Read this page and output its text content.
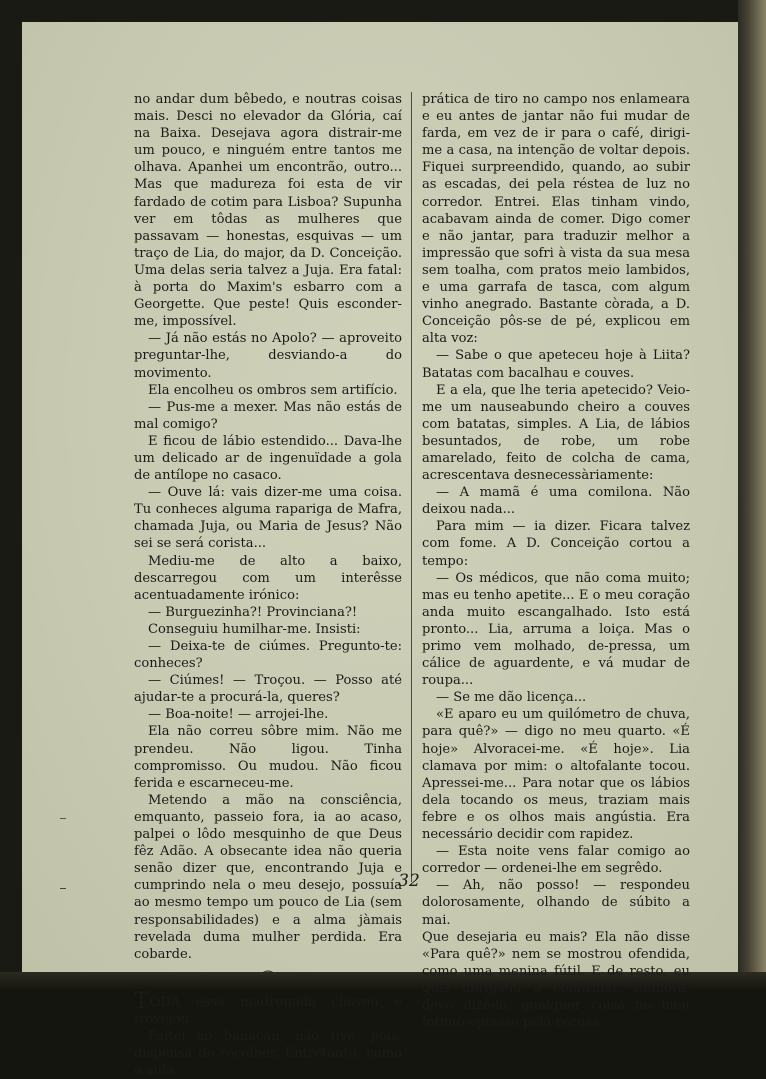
no andar dum bêbedo, e noutras coisas mais. Desci no elevador da Glória, caí na Baixa. Desejava agora distrair-me um pouco, e ninguém entre tantos me olhava. Apanhei um encontrão, outro... Mas que madureza foi esta de vir fardado de cotim para Lisboa? Supunha ver em tôdas as mulheres que passavam — honestas, esquivas — um traço de Lia, do major, da D. Conceição. Uma delas seria talvez a Juja. Era fatal: à porta do Maxim's esbarro com a Georgette. Que peste! Quis esconder-me, impossível.

— Já não estás no Apolo? — aproveito preguntar-lhe, desviando-a do movimento.

Ela encolheu os ombros sem artifício.

— Pus-me a mexer. Mas não estás de mal comigo?

E ficou de lábio estendido... Dava-lhe um delicado ar de ingenuïdade a gola de antílope no casaco.

— Ouve lá: vais dizer-me uma coisa. Tu conheces alguma rapariga de Mafra, chamada Juja, ou Maria de Jesus? Não sei se será corista...

Mediu-me de alto a baixo, descarregou com um interêsse acentuadamente irónico:

— Burguezinha?! Provinciana?!

Conseguiu humilhar-me. Insisti:

— Deixa-te de ciúmes. Pregunto-te: conheces?

— Ciúmes! — Troçou. — Posso até ajudar-te a procurá-la, queres?

— Boa-noite! — arrojei-lhe.

Ela não correu sôbre mim. Não me prendeu. Não ligou. Tinha compromisso. Ou mudou. Não ficou ferida e escarneceu-me.

Metendo a mão na consciência, emquanto, passeio fora, ia ao acaso, palpei o lôdo mesquinho de que Deus fêz Adão. A obsecante idea não queria senão dizer que, encontrando Juja e cumprindo nela o meu desejo, possuía ao mesmo tempo um pouco de Lia (sem responsabilidades) e a alma jàmais revelada duma mulher perdida. Era cobarde.

⁀

TÔDA essa madrugada choveu e trovejou.

Faltei ao banacau, não tive, pois, dispensa de recolher. Entretanto, como a aula

prática de tiro no campo nos enlameara e eu antes de jantar não fui mudar de farda, em vez de ir para o café, dirigi-me a casa, na intenção de voltar depois. Fiquei surpreendido, quando, ao subir as escadas, dei pela réstea de luz no corredor. Entrei. Elas tinham vindo, acabavam ainda de comer. Digo comer e não jantar, para traduzir melhor a impressão que sofri à vista da sua mesa sem toalha, com pratos meio lambidos, e uma garrafa de tasca, com algum vinho anegrado. Bastante còrada, a D. Conceição pôs-se de pé, explicou em alta voz:

— Sabe o que apeteceu hoje à Liita? Batatas com bacalhau e couves.

E a ela, que lhe teria apetecido? Veio-me um nauseabundo cheiro a couves com batatas, simples. A Lia, de lábios besuntados, de robe, um robe amarelado, feito de colcha de cama, acrescentava desnecessàriamente:

— A mamã é uma comilona. Não deixou nada...

Para mim — ia dizer. Ficara talvez com fome. A D. Conceição cortou a tempo:

— Os médicos, que não coma muito; mas eu tenho apetite... E o meu coração anda muito escangalhado. Isto está pronto... Lia, arruma a loiça. Mas o primo vem molhado, de-pressa, um cálice de aguardente, e vá mudar de roupa...

— Se me dão licença...

«E aparo eu um quilómetro de chuva, para quê?» — digo no meu quarto. «É hoje» Alvoracei-me. «É hoje». Lia clamava por mim: o altofalante tocou. Apressei-me... Para notar que os lábios dela tocando os meus, traziam mais febre e os olhos mais angústia. Era necessário decidir com rapidez.

— Esta noite vens falar comigo ao corredor — ordenei-lhe em segrêdo.

— Ah, não posso! — respondeu dolorosamente, olhando de súbito a mai.

Que desejaria eu mais? Ela não disse «Para quê?» nem se mostrou ofendida, como uma menina fútil. E de resto, eu quis obrigá-la a confirmar. Embora, devo dizê-lo, qualquer coisa no meu íntimo optasse pela recusa.

32
